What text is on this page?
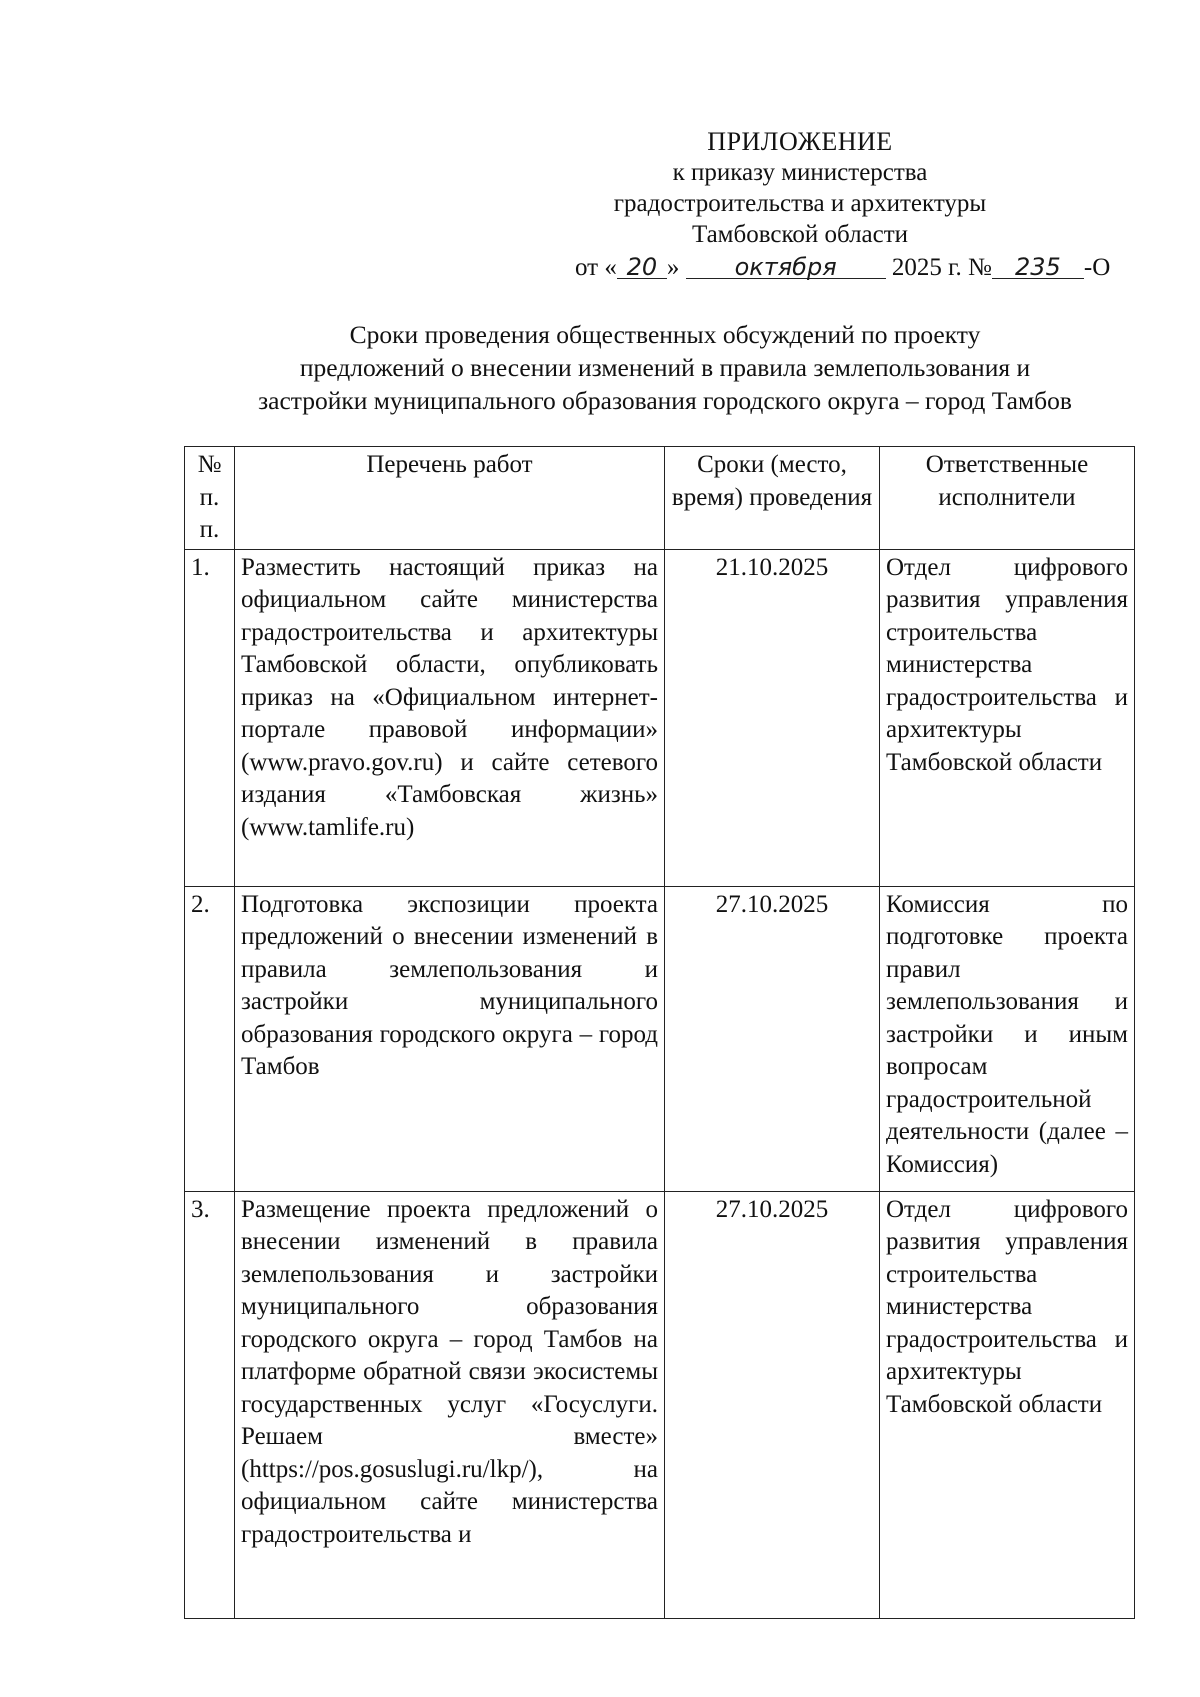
ПРИЛОЖЕНИЕ
к приказу министерства
градостроительства и архитектуры
Тамбовской области
от « 20 » октября 2025 г. № 235 -О
Сроки проведения общественных обсуждений по проекту
предложений о внесении изменений в правила землепользования и
застройки муниципального образования городского округа – город Тамбов
№ п. п.	Перечень работ	Сроки (место, время) проведения	Ответственные исполнители
1.	Разместить настоящий приказ на официальном сайте министерства градостроительства и архитектуры Тамбовской области, опубликовать приказ на «Официальном интернет-портале правовой информации» (www.pravo.gov.ru) и сайте сетевого издания «Тамбовская жизнь» (www.tamlife.ru)	21.10.2025	Отдел цифрового развития управления строительства министерства градостроительства и архитектуры Тамбовской области
2.	Подготовка экспозиции проекта предложений о внесении изменений в правила землепользования и застройки муниципального образования городского округа – город Тамбов	27.10.2025	Комиссия по подготовке проекта правил землепользования и застройки и иным вопросам градостроительной деятельности (далее – Комиссия)
3.	Размещение проекта предложений о внесении изменений в правила землепользования и застройки муниципального образования городского округа – город Тамбов на платформе обратной связи экосистемы государственных услуг «Госуслуги. Решаем вместе» (https://pos.gosuslugi.ru/lkp/), на официальном сайте министерства градостроительства и	27.10.2025	Отдел цифрового развития управления строительства министерства градостроительства и архитектуры Тамбовской области
